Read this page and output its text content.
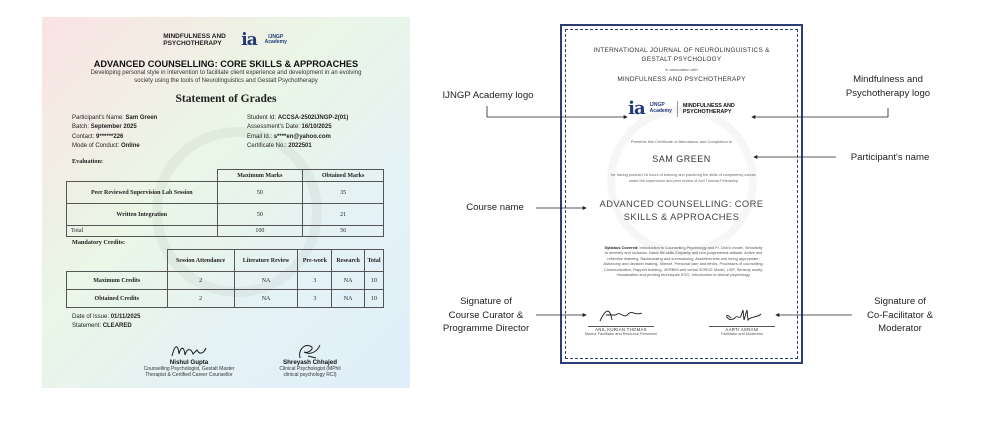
MINDFULNESS AND PSYCHOTHERAPY	ia	IJNGP Academy
ADVANCED COUNSELLING: CORE SKILLS & APPROACHES
Developing personal style in intervention to facilitate client experience and development in an evolving society using the tools of Neurolinguistics and Gestalt Psychotherapy
Statement of Grades
Participant's Name: Sam Green
Batch: September 2025
Contact: 9******226
Mode of Conduct: Online
Student Id: ACCSA-2502IJNGP-2(01)
Assessment's Date: 16/10/2025
Email Id.: s****en@yahoo.com
Certificate No.: 2022501
Evaluation:
	Maximum Marks	Obtained Marks
Peer Reviewed Supervision Lab Session	50	35
Written Integration	50	21
Total	100	56
Mandatory Credits:
	Session Attendance	Literature Review	Pre-work	Research	Total
Maximum Credits	2	NA	3	NA	10
Obtained Credits	2	NA	3	NA	10
Date of Issue: 01/11/2025
Statement: CLEARED
Nishul Gupta
Counselling Psychologist, Gestalt Master
Therapist & Certified Career Counsellor
Shreyash Chhajed
Clinical Psychologist (MPhil
clinical psychology RCI)
INTERNATIONAL JOURNAL OF NEUROLINGUISTICS &
GESTALT PSYCHOLOGY
in association with
MINDFULNESS AND PSYCHOTHERAPY
ia IJNGP
Academy
MINDFULNESS AND
PSYCHOTHERAPY
Presents this Certificate of Attendance and Completion to
SAM GREEN
for having pursued 16 hours of learning and practicing the skills of competency course
under the supervision and peer review of Anil Thomas Fellowship
ADVANCED COUNSELLING: CORE
SKILLS & APPROACHES
Syllabus Covered: Introduction to Counselling Psychology and Fr. Dick's model, Sensitivity
to diversity and inclusion, Basic life skills Empathy and non-judgemental attitude, Active and
reflective listening, Backtracking and summarising, Assertiveness and being appropriate,
Autonomy and decision making, Silence, Personal care and ethics, Processes of counselling,
Communication, Rapport building, VERBIM and verbal SORCE Model, LSIP, Sensory acuity,
Visualisation and probing techniques EGO, Introduction to clinical psychology.
ANIL KURIAN THOMAS
Mentor Facilitator and Resource Personnel
AARTI ASRANI
Facilitator and Moderator
IJNGP Academy logo
Mindfulness and
Psychotherapy logo
Participant's name
Course name
Signature of
Course Curator &
Programme Director
Signature of
Co-Facilitator &
Moderator
